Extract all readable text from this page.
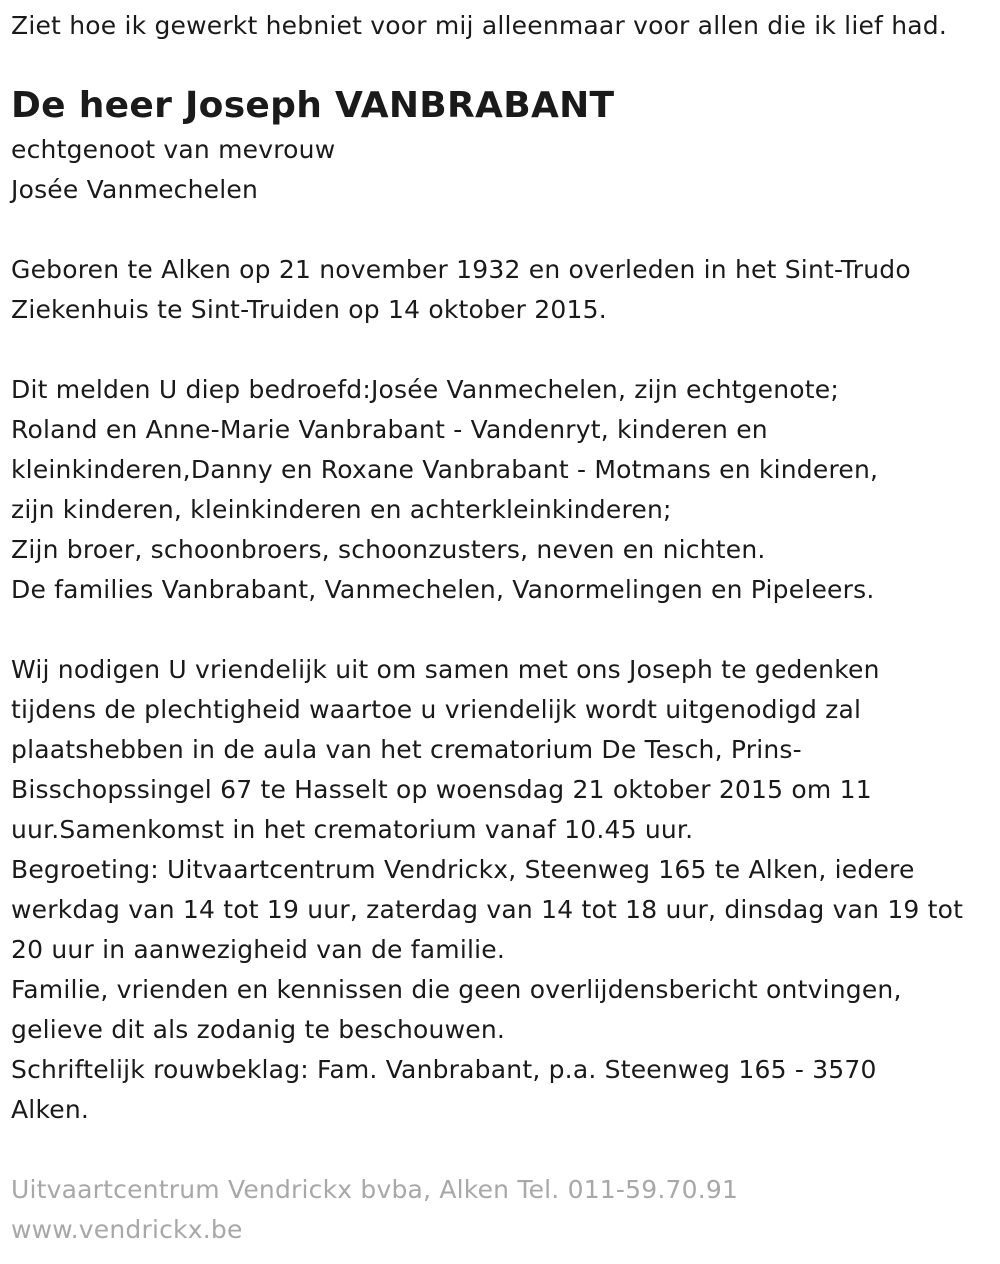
Ziet hoe ik gewerkt hebniet voor mij alleenmaar voor allen die ik lief had.
De heer Joseph VANBRABANT
echtgenoot van mevrouw
Josée Vanmechelen
Geboren te Alken op 21 november 1932 en overleden in het Sint-Trudo
Ziekenhuis te Sint-Truiden op 14 oktober 2015.
Dit melden U diep bedroefd:Josée Vanmechelen, zijn echtgenote;
Roland en Anne-Marie Vanbrabant - Vandenryt, kinderen en
kleinkinderen,Danny en Roxane Vanbrabant - Motmans en kinderen,
zijn kinderen, kleinkinderen en achterkleinkinderen;
Zijn broer, schoonbroers, schoonzusters, neven en nichten.
De families Vanbrabant, Vanmechelen, Vanormelingen en Pipeleers.
Wij nodigen U vriendelijk uit om samen met ons Joseph te gedenken
tijdens de plechtigheid waartoe u vriendelijk wordt uitgenodigd zal
plaatshebben in de aula van het crematorium De Tesch, Prins-
Bisschopssingel 67 te Hasselt op woensdag 21 oktober 2015 om 11
uur.Samenkomst in het crematorium vanaf 10.45 uur.
Begroeting: Uitvaartcentrum Vendrickx, Steenweg 165 te Alken, iedere
werkdag van 14 tot 19 uur, zaterdag van 14 tot 18 uur, dinsdag van 19 tot
20 uur in aanwezigheid van de familie.
Familie, vrienden en kennissen die geen overlijdensbericht ontvingen,
gelieve dit als zodanig te beschouwen.
Schriftelijk rouwbeklag: Fam. Vanbrabant, p.a. Steenweg 165 - 3570
Alken.
Uitvaartcentrum Vendrickx bvba, Alken Tel. 011-59.70.91
www.vendrickx.be
